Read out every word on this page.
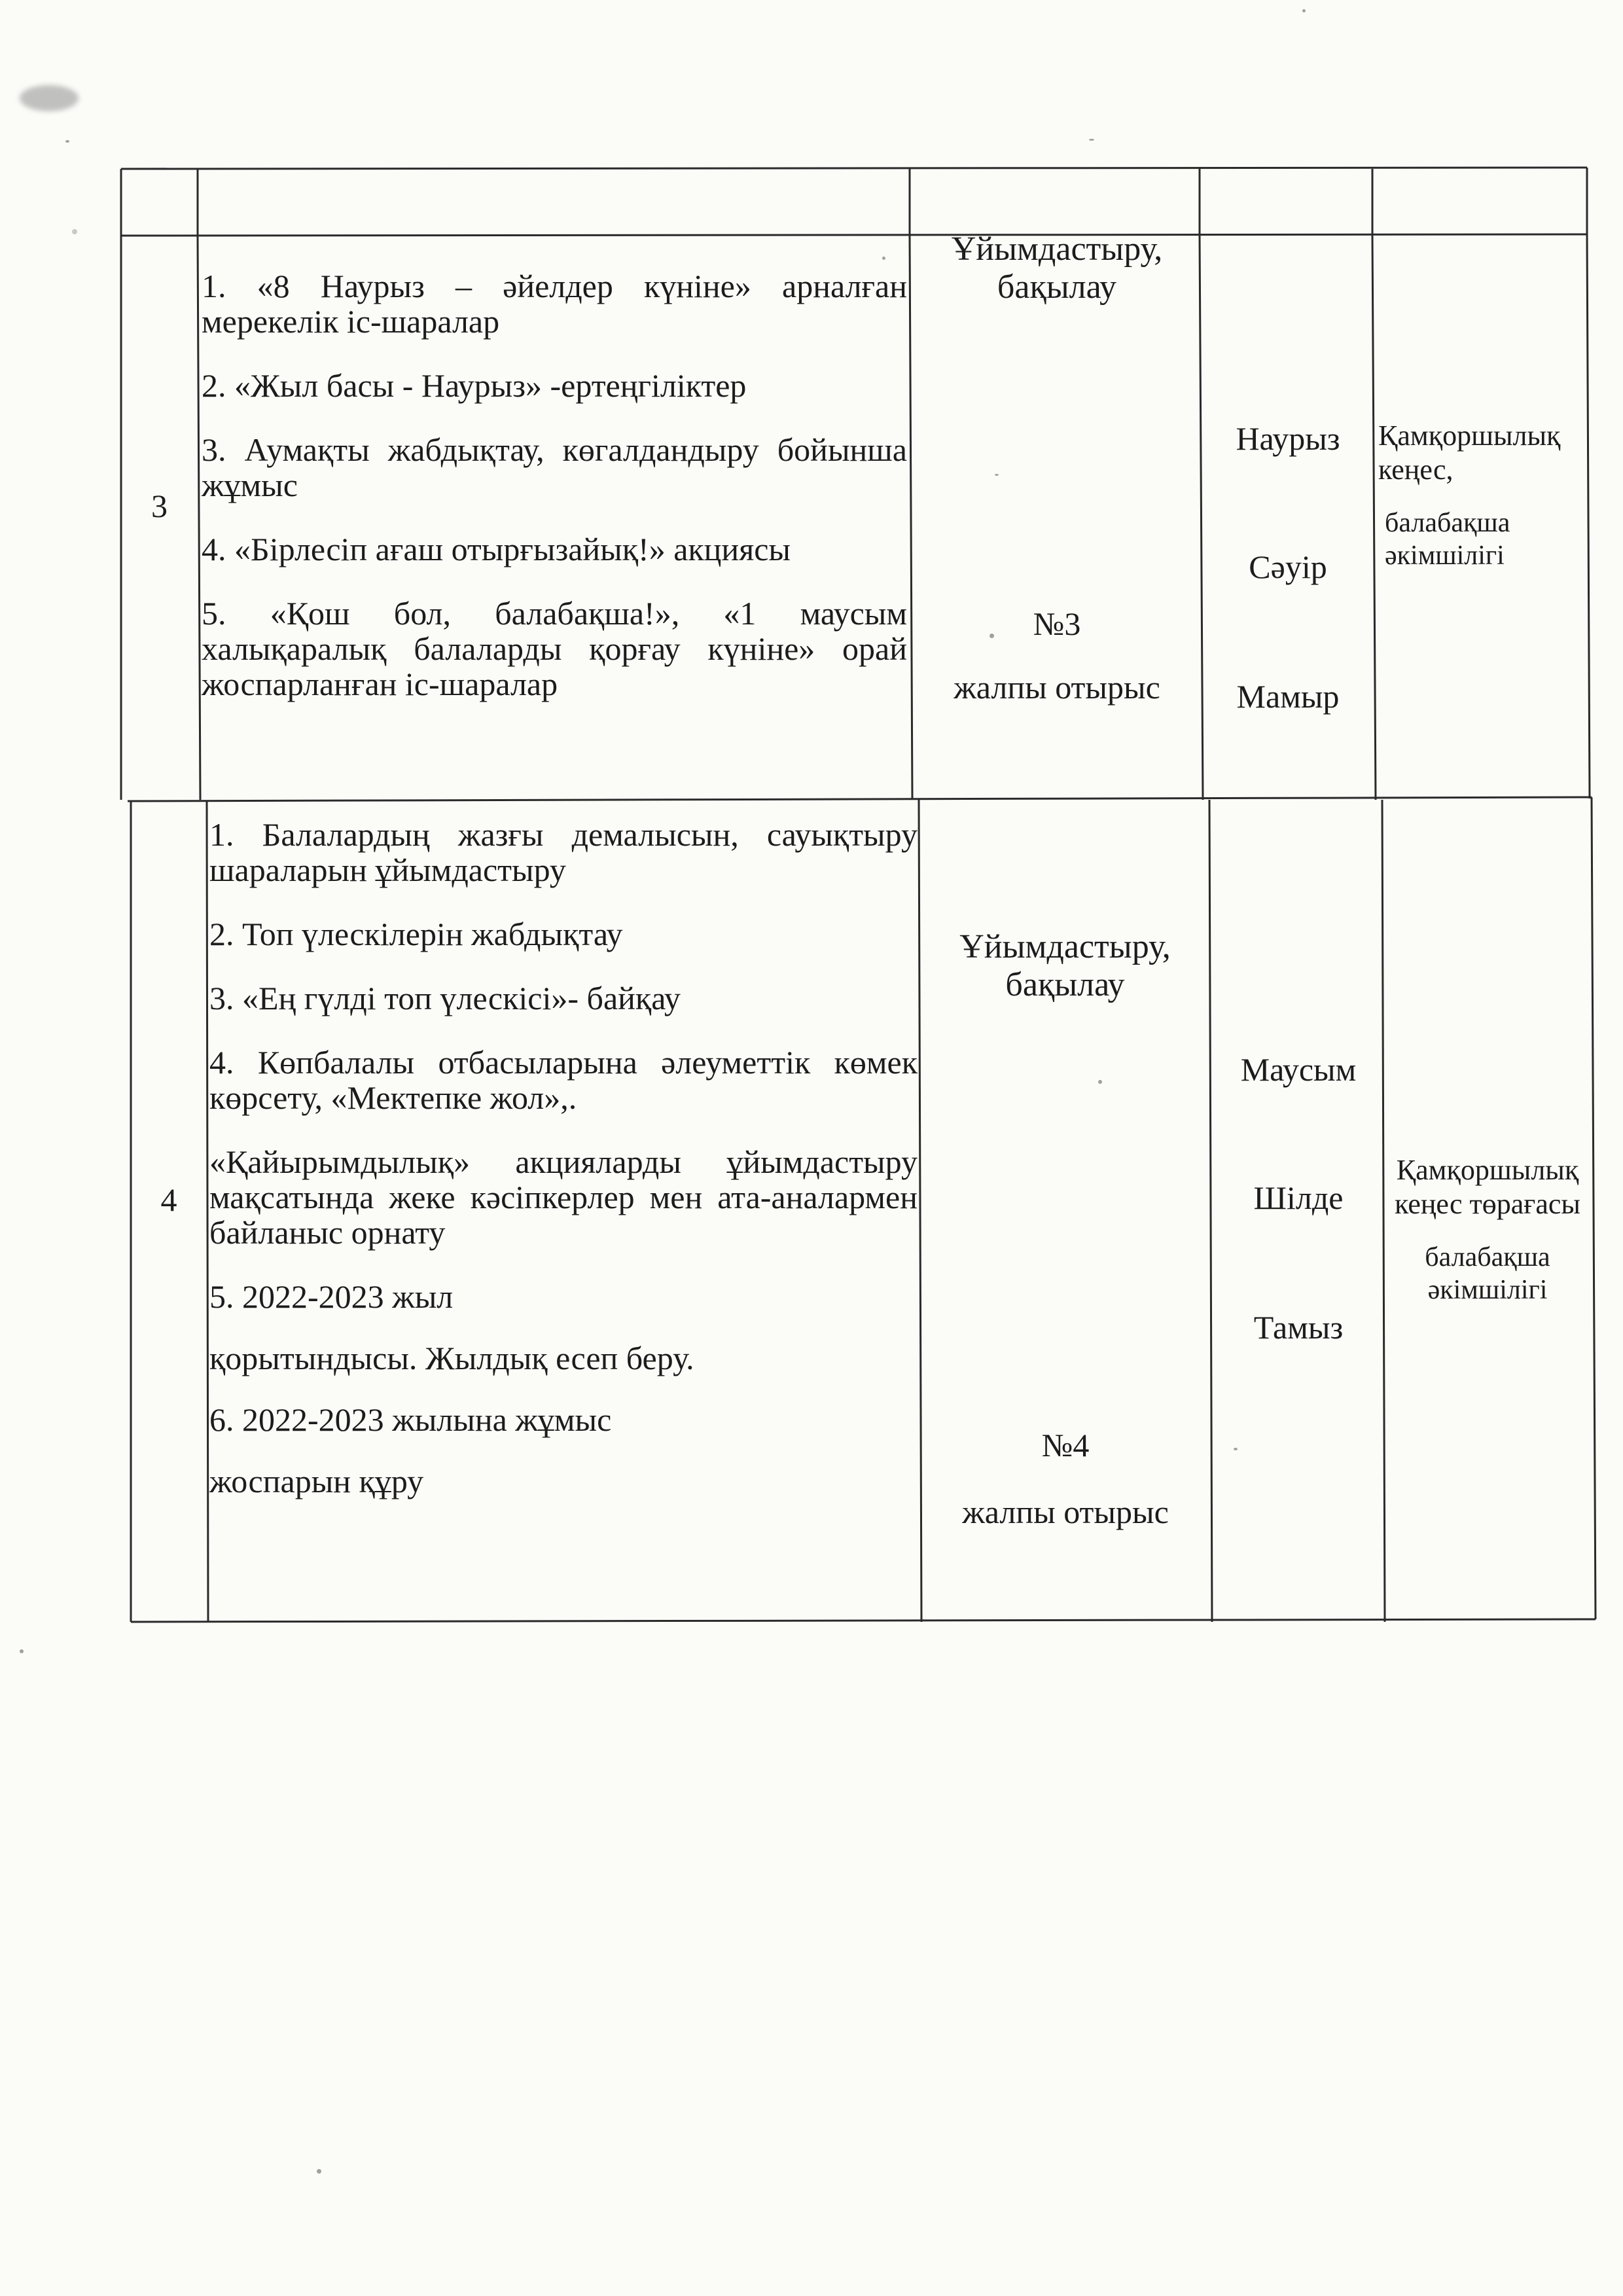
3

1. «8 Наурыз – әйелдер күніне» арналған мерекелік іс-шаралар

2. «Жыл басы - Наурыз» -ертеңгіліктер

3. Аумақты жабдықтау, көгалдандыру бойынша жұмыс

4. «Бірлесіп ағаш отырғызайық!» акциясы

5. «Қош бол, балабақша!», «1 маусым халықаралық балаларды қорғау күніне» орай жоспарланған іс-шаралар

Ұйымдастыру, бақылау
№3
жалпы отырыс
Наурыз
Сәуір
Мамыр

Қамқоршылық кеңес,

балабақша әкімшілігі

4

1. Балалардың жазғы демалысын, сауықтыру шараларын ұйымдастыру

2. Топ үлескілерін жабдықтау

3. «Ең гүлді топ үлескісі»- байқау

4. Көпбалалы отбасыларына әлеуметтік көмек көрсету, «Мектепке жол»,.

«Қайырымдылық» акцияларды ұйымдастыру мақсатында жеке кәсіпкерлер мен ата-аналармен байланыс орнату

5. 2022-2023 жыл

қорытындысы. Жылдық есеп беру.

6. 2022-2023 жылына жұмыс

жоспарын құру

Ұйымдастыру, бақылау
№4
жалпы отырыс
Маусым
Шілде
Тамыз

Қамқоршылық кеңес төрағасы

балабақша әкімшілігі
